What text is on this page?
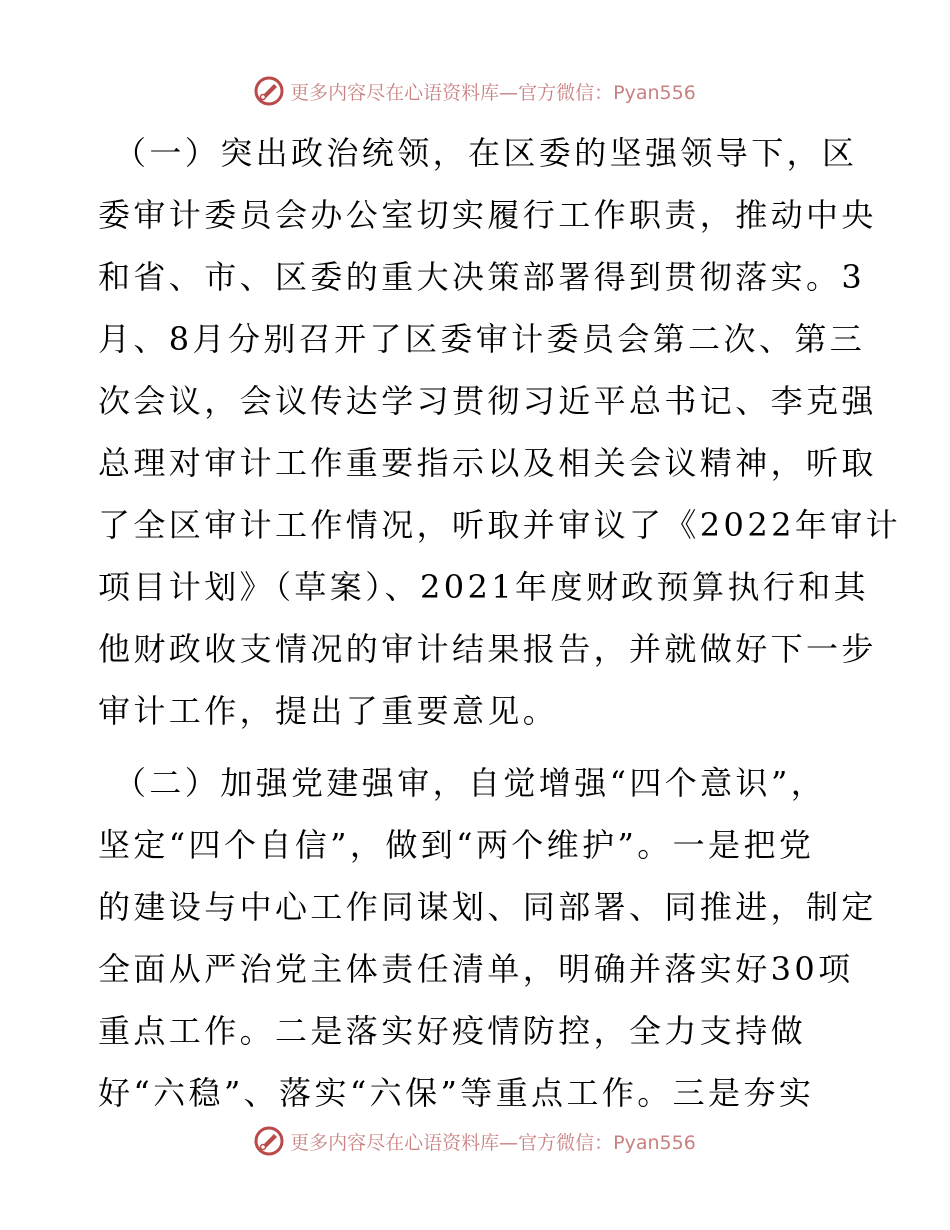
更多内容尽在心语资料库—官方微信：Pyan556

（一）突出政治统领，在区委的坚强领导下，区
委审计委员会办公室切实履行工作职责，推动中央
和省、市、区委的重大决策部署得到贯彻落实。3
月、8月分别召开了区委审计委员会第二次、第三
次会议，会议传达学习贯彻习近平总书记、李克强
总理对审计工作重要指示以及相关会议精神，听取
了全区审计工作情况，听取并审议了《2022年审计
项目计划》（草案）、2021年度财政预算执行和其
他财政收支情况的审计结果报告，并就做好下一步
审计工作，提出了重要意见。

（二）加强党建强审，自觉增强“四个意识”，
坚定“四个自信”，做到“两个维护”。一是把党
的建设与中心工作同谋划、同部署、同推进，制定
全面从严治党主体责任清单，明确并落实好30项
重点工作。二是落实好疫情防控，全力支持做
好“六稳”、落实“六保”等重点工作。三是夯实

更多内容尽在心语资料库—官方微信：Pyan556
